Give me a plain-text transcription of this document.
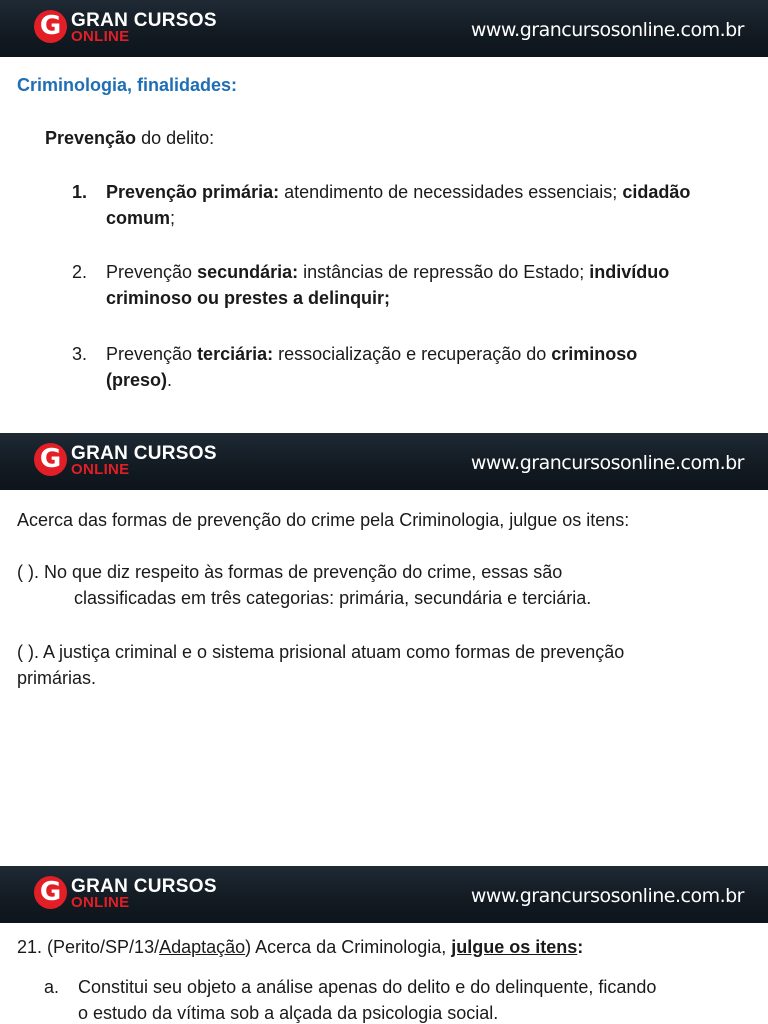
G GRAN CURSOS
ONLINE	www.grancursosonline.com.br
Criminologia, finalidades:
Prevenção do delito:
1. Prevenção primária: atendimento de necessidades essenciais; cidadão
comum;
2. Prevenção secundária: instâncias de repressão do Estado; indivíduo
criminoso ou prestes a delinquir;
3. Prevenção terciária: ressocialização e recuperação do criminoso
(preso).
G GRAN CURSOS
ONLINE	www.grancursosonline.com.br
Acerca das formas de prevenção do crime pela Criminologia, julgue os itens:
( ). No que diz respeito às formas de prevenção do crime, essas são
classificadas em três categorias: primária, secundária e terciária.
( ). A justiça criminal e o sistema prisional atuam como formas de prevenção
primárias.
G GRAN CURSOS
ONLINE	www.grancursosonline.com.br
21. (Perito/SP/13/Adaptação) Acerca da Criminologia, julgue os itens:
a. Constitui seu objeto a análise apenas do delito e do delinquente, ficando
o estudo da vítima sob a alçada da psicologia social.
